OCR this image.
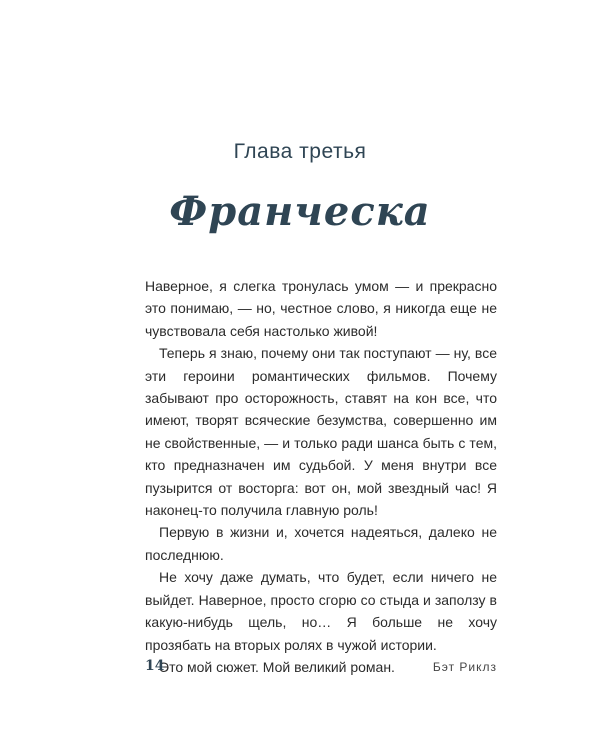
Глава третья
Франческа

Наверное, я слегка тронулась умом — и прекрасно это понимаю, — но, честное слово, я никогда еще не чувствовала себя настолько живой!

Теперь я знаю, почему они так поступают — ну, все эти героини романтических фильмов. Почему забывают про осторожность, ставят на кон все, что имеют, творят всяческие безумства, совершенно им не свойственные, — и только ради шанса быть с тем, кто предназначен им судьбой. У меня внутри все пузырится от восторга: вот он, мой звездный час! Я наконец-то получила главную роль!

Первую в жизни и, хочется надеяться, далеко не последнюю.

Не хочу даже думать, что будет, если ничего не выйдет. Наверное, просто сгорю со стыда и заползу в какую-нибудь щель, но… Я больше не хочу прозябать на вторых ролях в чужой истории.

Это мой сюжет. Мой великий роман.

14	Бэт Риклз
